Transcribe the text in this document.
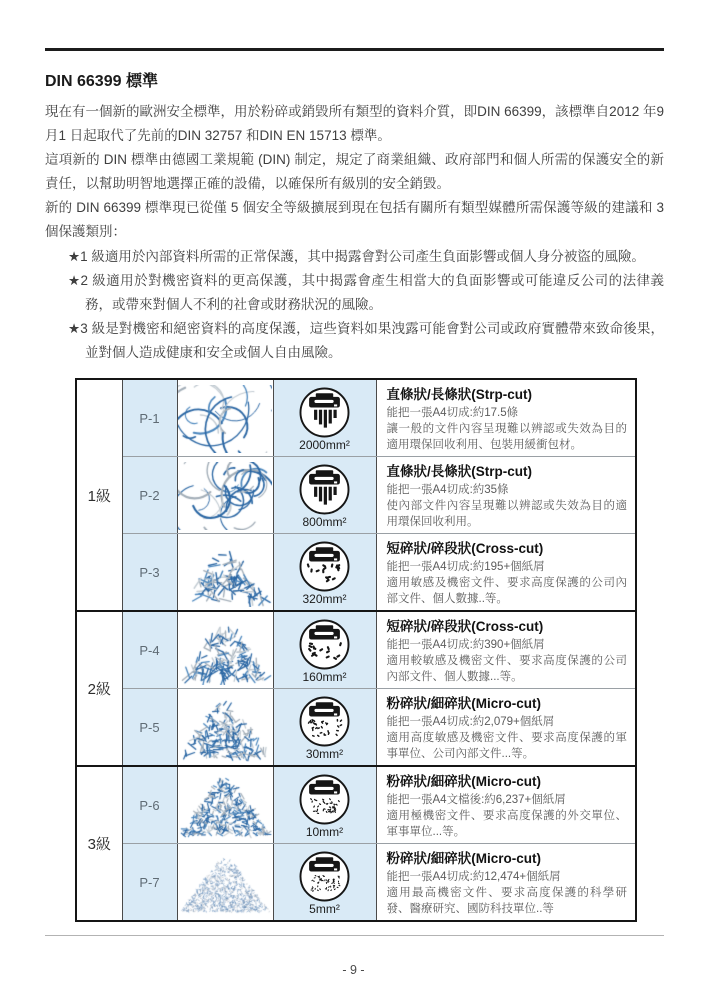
DIN 66399 標準

現在有一個新的歐洲安全標準，用於粉碎或銷毀所有類型的資料介質，即DIN 66399，該標準自2012 年9 月1 日起取代了先前的DIN 32757 和DIN EN 15713 標準。

這項新的 DIN 標準由德國工業規範 (DIN) 制定，規定了商業組織、政府部門和個人所需的保護安全的新責任，以幫助明智地選擇正確的設備，以確保所有級別的安全銷毀。

新的 DIN 66399 標準現已從僅 5 個安全等級擴展到現在包括有關所有類型媒體所需保護等級的建議和 3 個保護類別：

★1 級適用於內部資料所需的正常保護，其中揭露會對公司產生負面影響或個人身分被盜的風險。

★2 級適用於對機密資料的更高保護，其中揭露會產生相當大的負面影響或可能違反公司的法律義務，或帶來對個人不利的社會或財務狀況的風險。

★3 級是對機密和絕密資料的高度保護，這些資料如果洩露可能會對公司或政府實體帶來致命後果，並對個人造成健康和安全或個人自由風險。

1級	P-1		2000mm²	直條狀/長條狀(Strp-cut)
能把一張A4切成:約17.5條
讓一般的文件內容呈現難以辨認或失效為目的適用環保回收利用、包裝用緩衝包材。

	P-2		800mm²	直條狀/長條狀(Strp-cut)
能把一張A4切成:約35條
使內部文件內容呈現難以辨認或失效為目的適用環保回收利用。

	P-3		320mm²	短碎狀/碎段狀(Cross-cut)
能把一張A4切成:約195+個紙屑
適用敏感及機密文件、要求高度保護的公司內部文件、個人數據..等。

2級	P-4		160mm²	短碎狀/碎段狀(Cross-cut)
能把一張A4切成:約390+個紙屑
適用較敏感及機密文件、要求高度保護的公司內部文件、個人數據...等。

	P-5		30mm²	粉碎狀/細碎狀(Micro-cut)
能把一張A4切成:約2,079+個紙屑
適用高度敏感及機密文件、要求高度保護的軍事單位、公司內部文件...等。

3級	P-6		10mm²	粉碎狀/細碎狀(Micro-cut)
能把一張A4文檔後:約6,237+個紙屑
適用極機密文件、要求高度保護的外交單位、軍事單位...等。

	P-7		5mm²	粉碎狀/細碎狀(Micro-cut)
能把一張A4切成:約12,474+個紙屑
適用最高機密文件、要求高度保護的科學研發、醫療研究、國防科技單位..等
- 9 -
